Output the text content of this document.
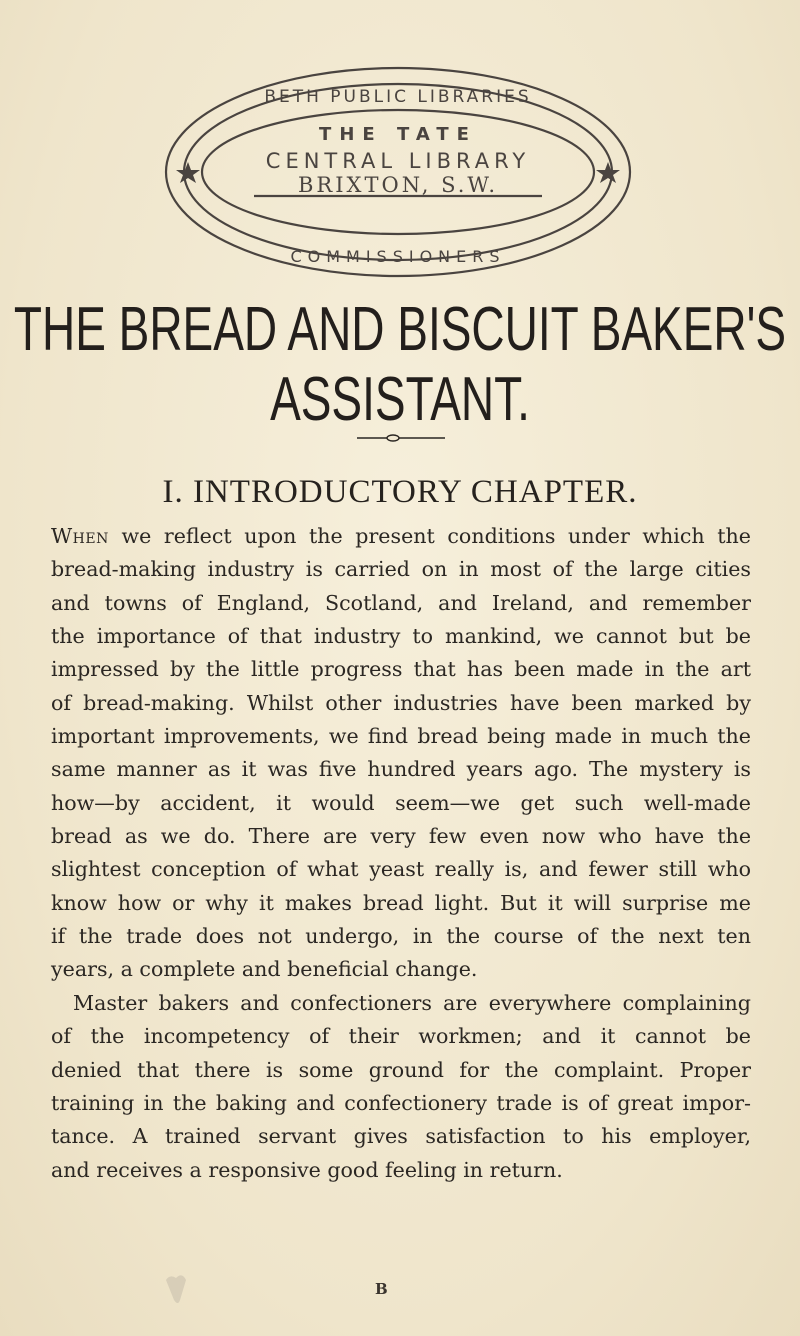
BETH PUBLIC LIBRARIES
COMMISSIONERS
THE TATE
CENTRAL LIBRARY
BRIXTON, S.W.
THE BREAD AND BISCUIT BAKER'S
ASSISTANT.
I. INTRODUCTORY CHAPTER.
When we reflect upon the present conditions under which the
bread-making industry is carried on in most of the large cities
and towns of England, Scotland, and Ireland, and remember
the importance of that industry to mankind, we cannot but be
impressed by the little progress that has been made in the art
of bread-making. Whilst other industries have been marked by
important improvements, we find bread being made in much the
same manner as it was five hundred years ago. The mystery is
how—by accident, it would seem—we get such well-made
bread as we do. There are very few even now who have the
slightest conception of what yeast really is, and fewer still who
know how or why it makes bread light. But it will surprise me
if the trade does not undergo, in the course of the next ten
years, a complete and beneficial change.
Master bakers and confectioners are everywhere complaining
of the incompetency of their workmen; and it cannot be
denied that there is some ground for the complaint. Proper
training in the baking and confectionery trade is of great impor-
tance. A trained servant gives satisfaction to his employer,
and receives a responsive good feeling in return.
B
